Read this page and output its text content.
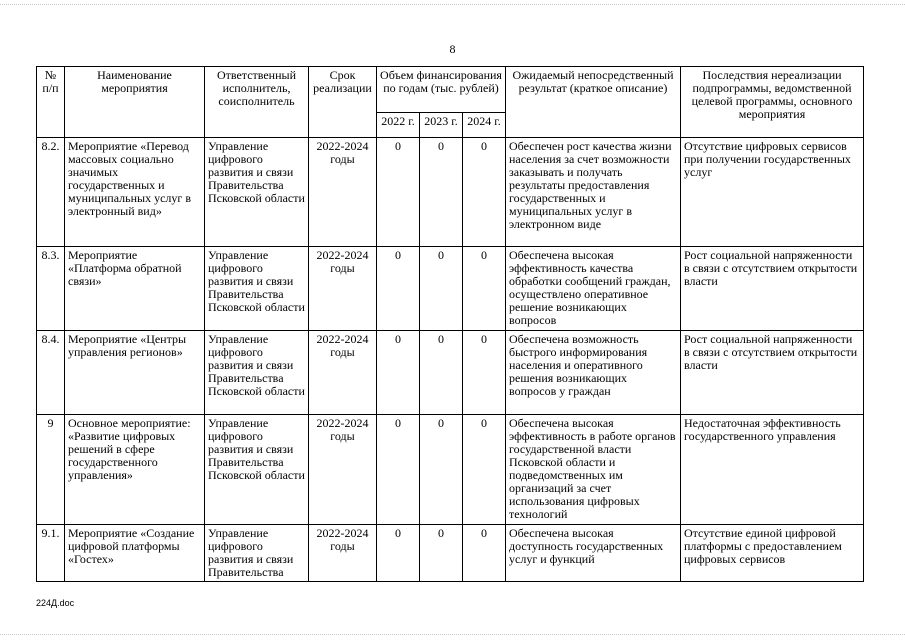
8
№ п/п	Наименование мероприятия	Ответственный исполнитель, соисполнитель	Срок реализации	Объем финансирования по годам (тыс. рублей)			Ожидаемый непосредственный результат (краткое описание)	Последствия нереализации подпрограммы, ведомственной целевой программы, основного мероприятия
				2022 г.	2023 г.	2024 г.		
8.2.	Мероприятие «Перевод массовых социально значимых государственных и муниципальных услуг в электронный вид»	Управление цифрового развития и связи Правительства Псковской области	2022-2024 годы	0	0	0	Обеспечен рост качества жизни населения за счет возможности заказывать и получать результаты предоставления государственных и муниципальных услуг в электронном виде	Отсутствие цифровых сервисов при получении государственных услуг
8.3.	Мероприятие «Платформа обратной связи»	Управление цифрового развития и связи Правительства Псковской области	2022-2024 годы	0	0	0	Обеспечена высокая эффективность качества обработки сообщений граждан, осуществлено оперативное решение возникающих вопросов	Рост социальной напряженности в связи с отсутствием открытости власти
8.4.	Мероприятие «Центры управления регионов»	Управление цифрового развития и связи Правительства Псковской области	2022-2024 годы	0	0	0	Обеспечена возможность быстрого информирования населения и оперативного решения возникающих вопросов у граждан	Рост социальной напряженности в связи с отсутствием открытости власти
9	Основное мероприятие: «Развитие цифровых решений в сфере государственного управления»	Управление цифрового развития и связи Правительства Псковской области	2022-2024 годы	0	0	0	Обеспечена высокая эффективность в работе органов государственной власти Псковской области и подведомственных им организаций за счет использования цифровых технологий	Недостаточная эффективность государственного управления
9.1.	Мероприятие «Создание цифровой платформы «Гостех»	Управление цифрового развития и связи Правительства	2022-2024 годы	0	0	0	Обеспечена высокая доступность государственных услуг и функций	Отсутствие единой цифровой платформы с предоставлением цифровых сервисов
224Д.doc
